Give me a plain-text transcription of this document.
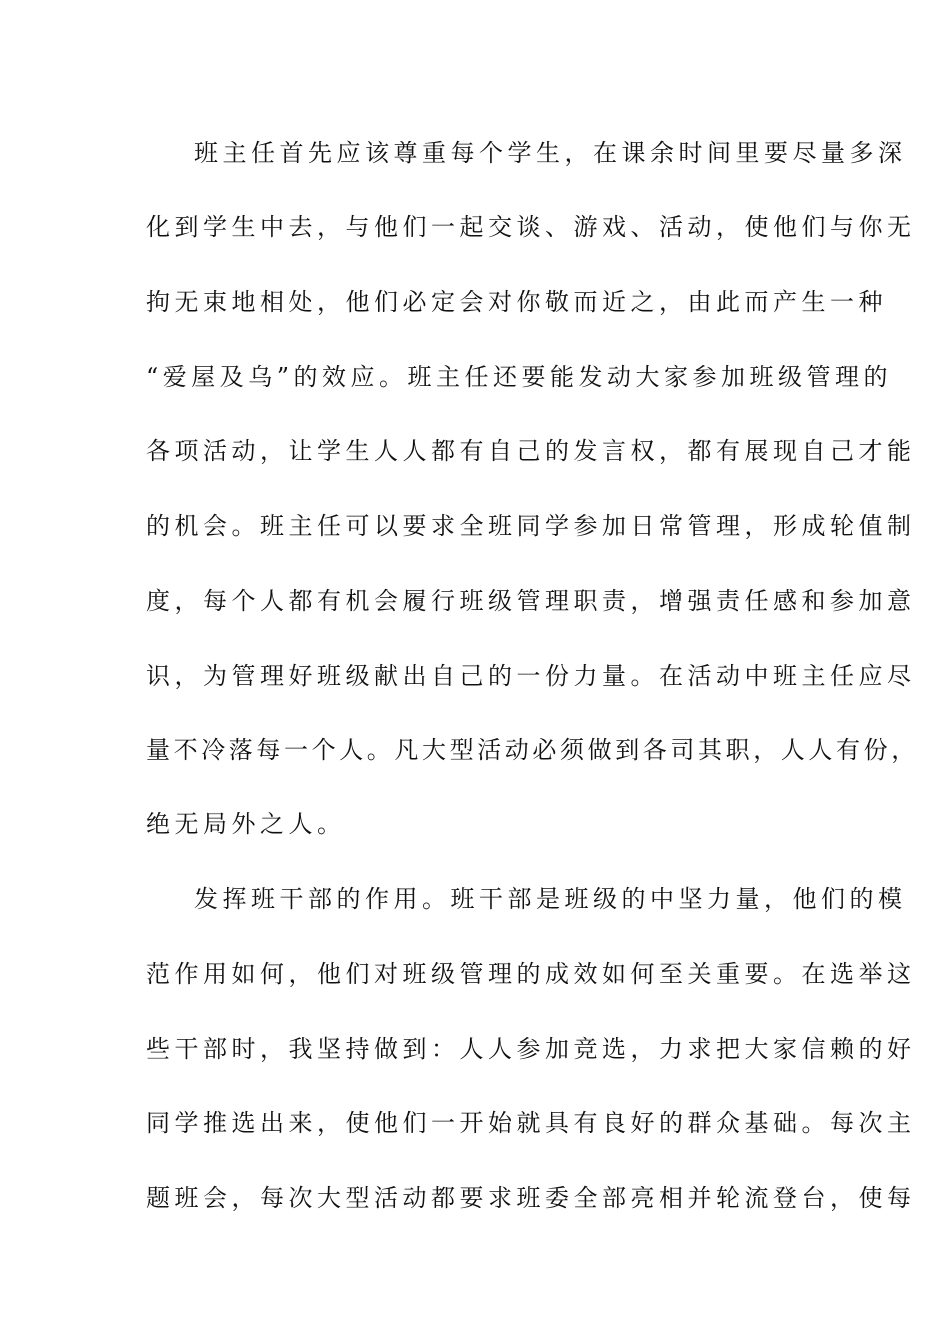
班主任首先应该尊重每个学生，在课余时间里要尽量多深
化到学生中去，与他们一起交谈、游戏、活动，使他们与你无
拘无束地相处，他们必定会对你敬而近之，由此而产生一种
“爱屋及乌”的效应。班主任还要能发动大家参加班级管理的
各项活动，让学生人人都有自己的发言权，都有展现自己才能
的机会。班主任可以要求全班同学参加日常管理，形成轮值制
度，每个人都有机会履行班级管理职责，增强责任感和参加意
识，为管理好班级献出自己的一份力量。在活动中班主任应尽
量不冷落每一个人。凡大型活动必须做到各司其职，人人有份，
绝无局外之人。
发挥班干部的作用。班干部是班级的中坚力量，他们的模
范作用如何，他们对班级管理的成效如何至关重要。在选举这
些干部时，我坚持做到：人人参加竞选，力求把大家信赖的好
同学推选出来，使他们一开始就具有良好的群众基础。每次主
题班会，每次大型活动都要求班委全部亮相并轮流登台，使每
